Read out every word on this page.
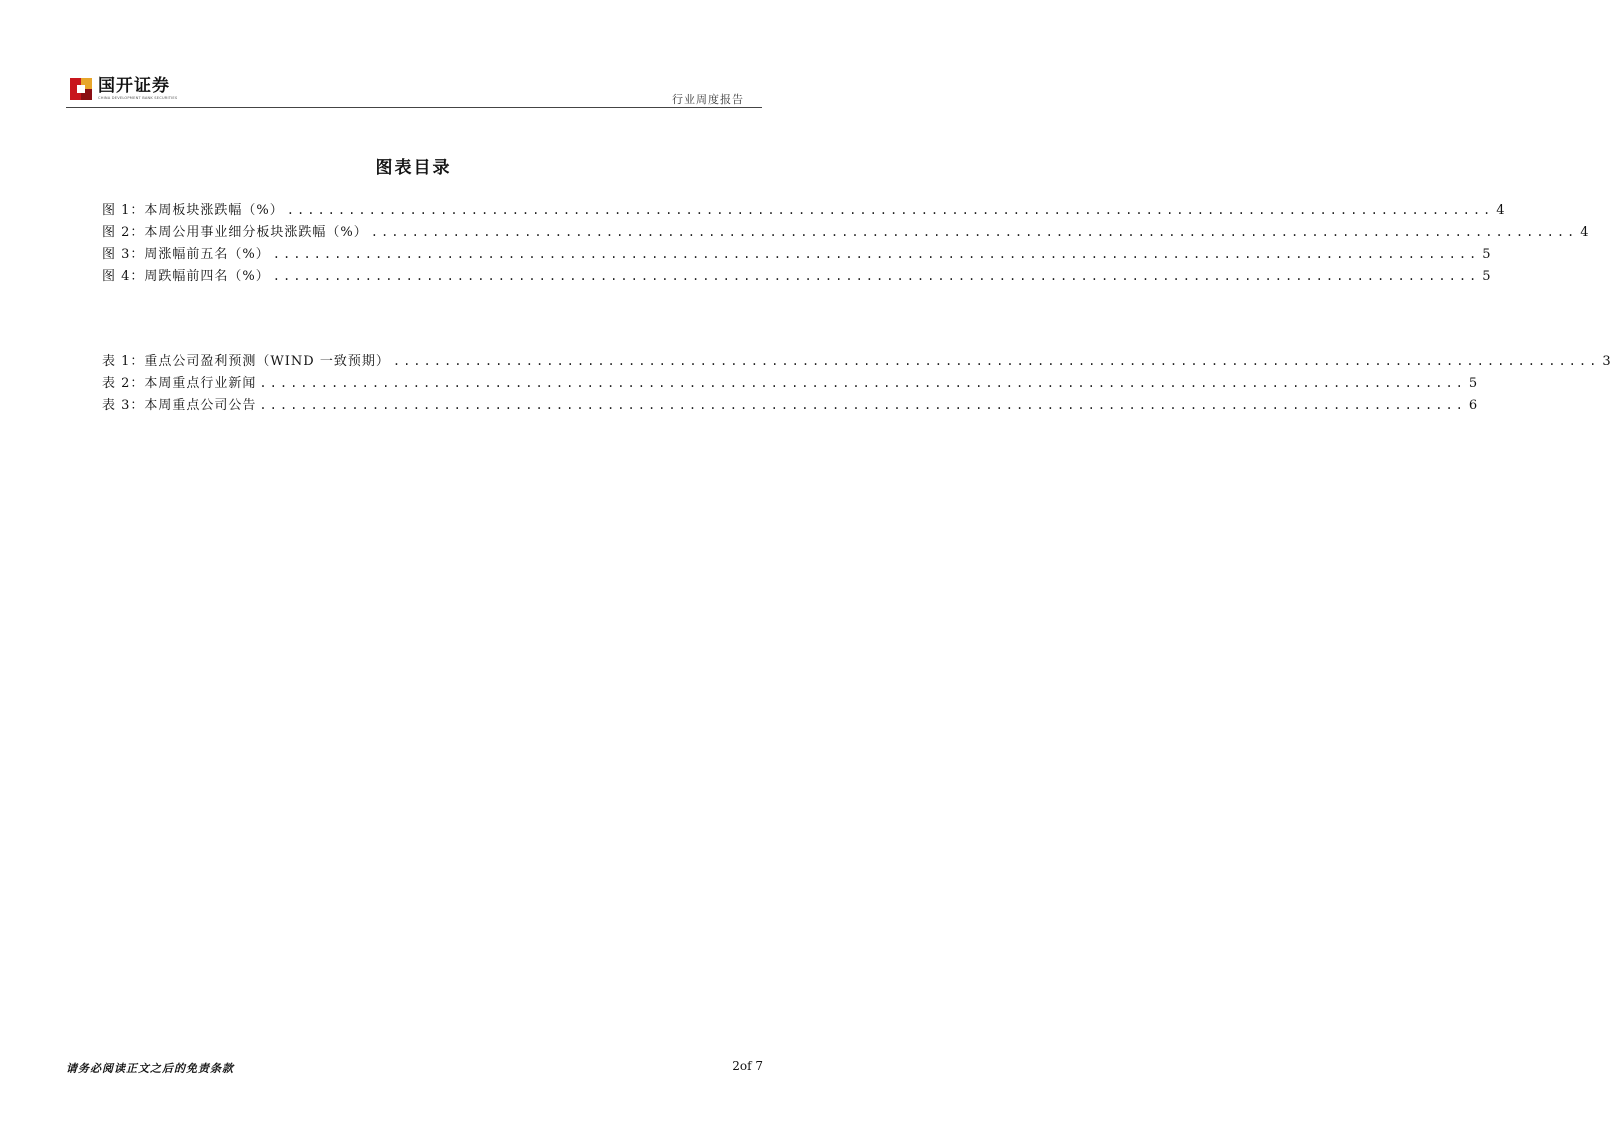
国开证券
CHINA DEVELOPMENT BANK SECURITIES	行业周度报告
图表目录
图 1：本周板块涨跌幅（%） ...................................................................................................................... 4
图 2：本周公用事业细分板块涨跌幅（%） ...................................................................................................................... 4
图 3：周涨幅前五名（%） ...................................................................................................................... 5
图 4：周跌幅前四名（%） ...................................................................................................................... 5
表 1：重点公司盈利预测（WIND 一致预期） ...................................................................................................................... 3
表 2：本周重点行业新闻 ...................................................................................................................... 5
表 3：本周重点公司公告 ...................................................................................................................... 6
请务必阅读正文之后的免责条款	2of 7
